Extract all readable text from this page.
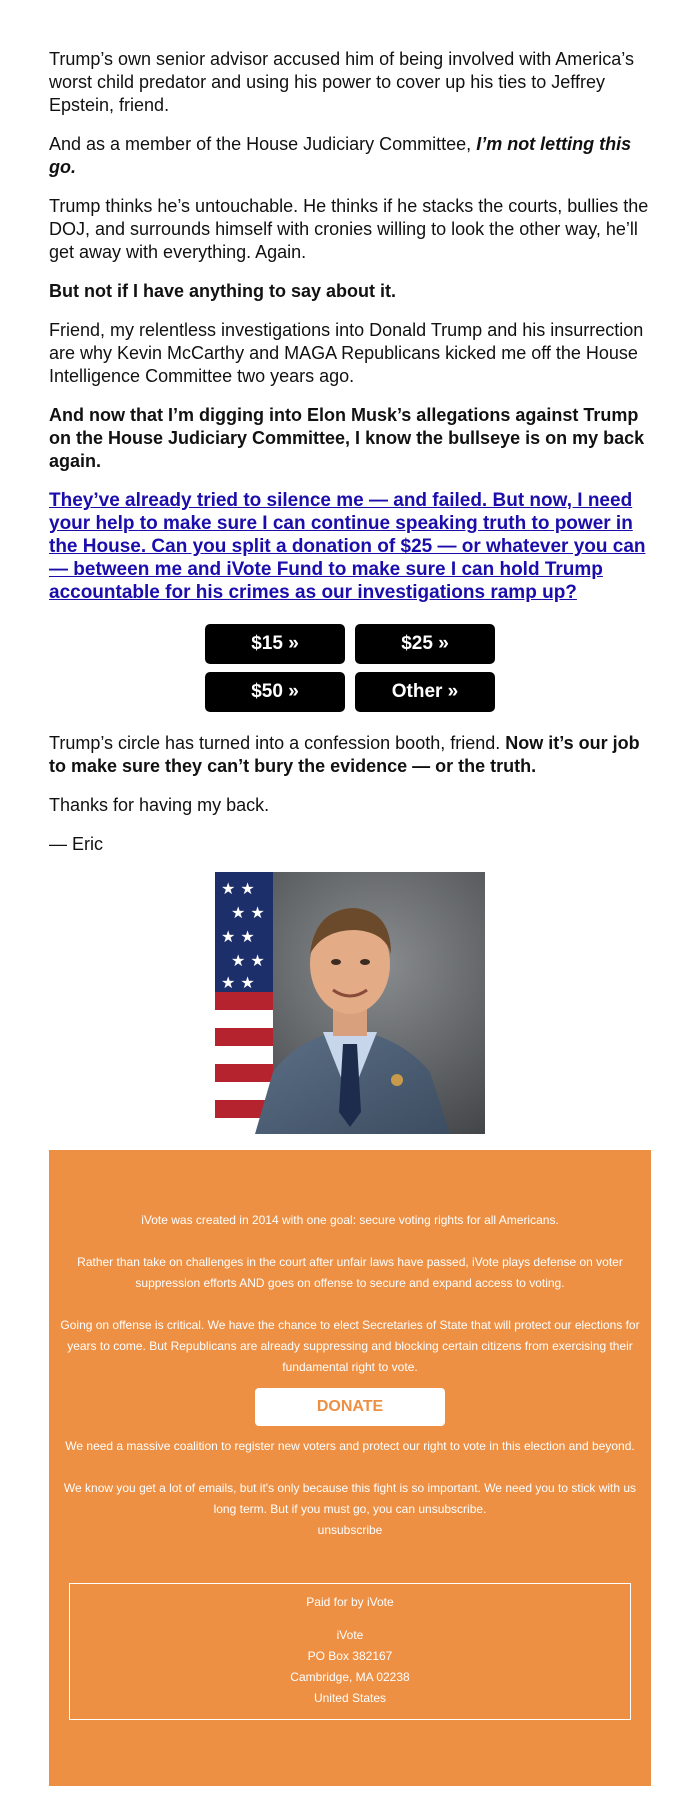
Trump’s own senior advisor accused him of being involved with America’s worst child predator and using his power to cover up his ties to Jeffrey Epstein, friend.

And as a member of the House Judiciary Committee, I’m not letting this go.

Trump thinks he’s untouchable. He thinks if he stacks the courts, bullies the DOJ, and surrounds himself with cronies willing to look the other way, he’ll get away with everything. Again.

But not if I have anything to say about it.

Friend, my relentless investigations into Donald Trump and his insurrection are why Kevin McCarthy and MAGA Republicans kicked me off the House Intelligence Committee two years ago.

And now that I’m digging into Elon Musk’s allegations against Trump on the House Judiciary Committee, I know the bullseye is on my back again.

They’ve already tried to silence me — and failed. But now, I need your help to make sure I can continue speaking truth to power in the House. Can you split a donation of $25 — or whatever you can — between me and iVote Fund to make sure I can hold Trump accountable for his crimes as our investigations ramp up?
$15 »	$25 »
$50 »	Other »

Trump’s circle has turned into a confession booth, friend. Now it’s our job to make sure they can’t bury the evidence — or the truth.

Thanks for having my back.

— Eric

★ ★
★ ★
★ ★
★ ★
★ ★

iVote was created in 2014 with one goal: secure voting rights for all Americans.

Rather than take on challenges in the court after unfair laws have passed, iVote plays defense on voter suppression efforts AND goes on offense to secure and expand access to voting.

Going on offense is critical. We have the chance to elect Secretaries of State that will protect our elections for years to come. But Republicans are already suppressing and blocking certain citizens from exercising their fundamental right to vote.

DONATE

We need a massive coalition to register new voters and protect our right to vote in this election and beyond.

We know you get a lot of emails, but it's only because this fight is so important. We need you to stick with us long term. But if you must go, you can unsubscribe.

unsubscribe

Paid for by iVote

iVote

PO Box 382167

Cambridge, MA 02238

United States
